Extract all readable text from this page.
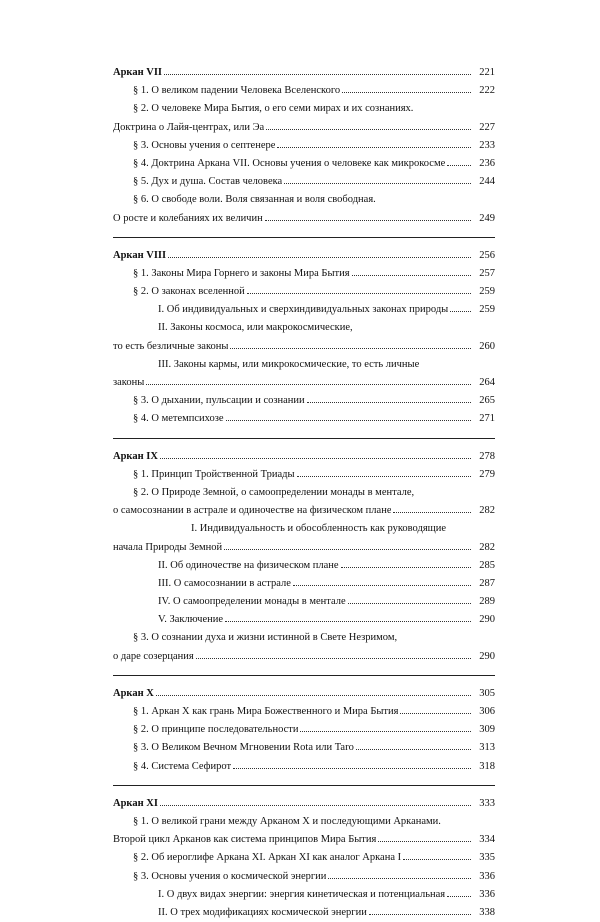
Аркан VII	221
§ 1. О великом падении Человека Вселенского	222
§ 2. О человеке Мира Бытия, о его семи мирах и их сознаниях.
Доктрина о Лайя-центрах, или Эа	227
§ 3. Основы учения о септенере	233
§ 4. Доктрина Аркана VII. Основы учения о человеке как микрокосме	236
§ 5. Дух и душа. Состав человека	244
§ 6. О свободе воли. Воля связанная и воля свободная.
О росте и колебаниях их величин	249
Аркан VIII	256
§ 1. Законы Мира Горнего и законы Мира Бытия	257
§ 2. О законах вселенной	259
I. Об индивидуальных и сверхиндивидуальных законах природы	259
II. Законы космоса, или макрокосмические,
то есть безличные законы	260
III. Законы кармы, или микрокосмические, то есть личные
законы	264
§ 3. О дыхании, пульсации и сознании	265
§ 4. О метемпсихозе	271
Аркан IX	278
§ 1. Принцип Тройственной Триады	279
§ 2. О Природе Земной, о самоопределении монады в ментале,
о самосознании в астрале и одиночестве на физическом плане	282
I. Индивидуальность и обособленность как руководящие
начала Природы Земной	282
II. Об одиночестве на физическом плане	285
III. О самосознании в астрале	287
IV. О самоопределении монады в ментале	289
V. Заключение	290
§ 3. О сознании духа и жизни истинной в Свете Незримом,
о даре созерцания	290
Аркан X	305
§ 1. Аркан X как грань Мира Божественного и Мира Бытия	306
§ 2. О принципе последовательности	309
§ 3. О Великом Вечном Мгновении Rota или Taro	313
§ 4. Система Сефирот	318
Аркан XI	333
§ 1. О великой грани между Арканом X и последующими Арканами.
Второй цикл Арканов как система принципов Мира Бытия	334
§ 2. Об иероглифе Аркана XI. Аркан XI как аналог Аркана I	335
§ 3. Основы учения о космической энергии	336
I. О двух видах энергии: энергия кинетическая и потенциальная	336
II. О трех модификациях космической энергии	338
